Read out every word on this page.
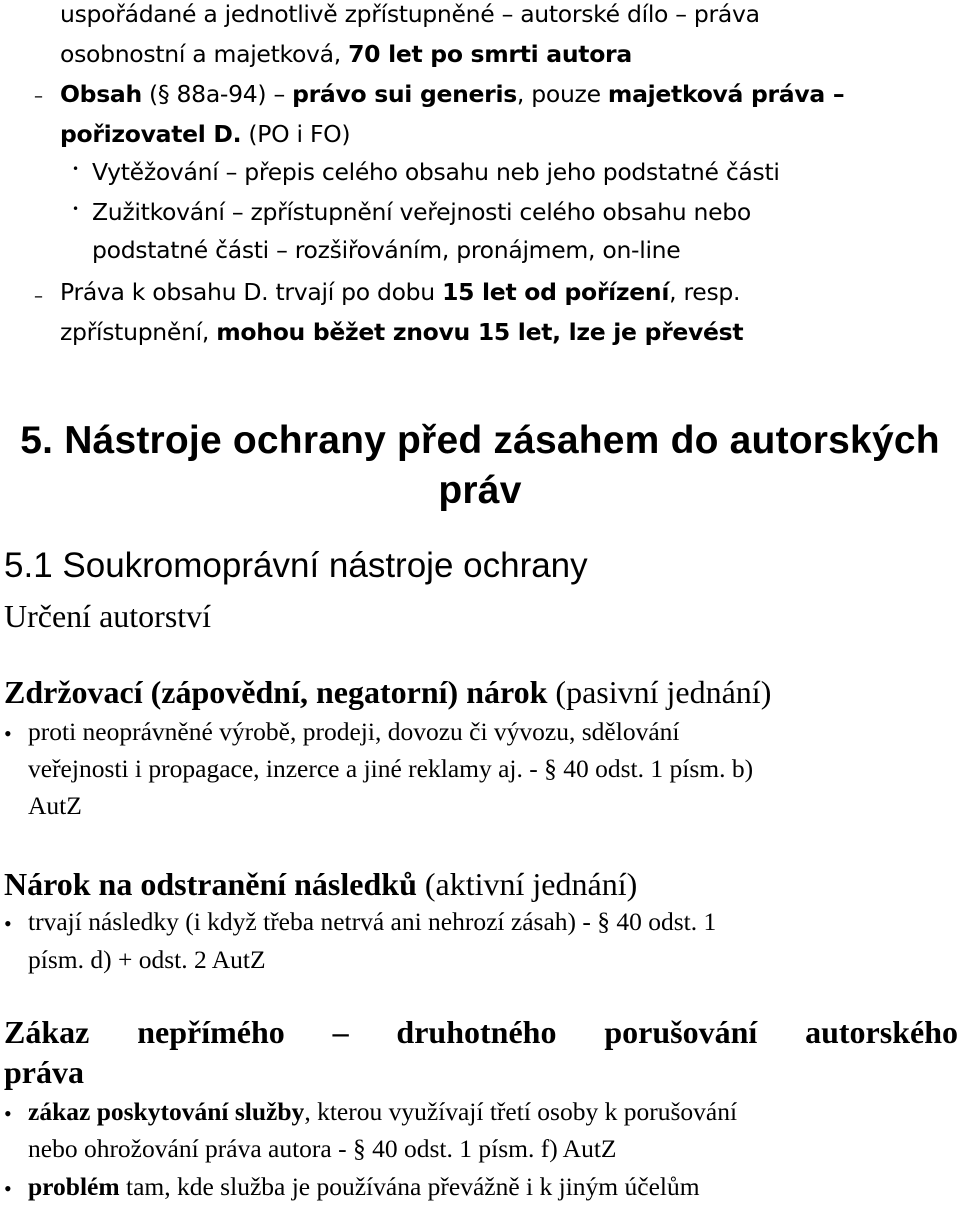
uspořádané a jednotlivě zpřístupněné – autorské dílo – práva
osobnostní a majetková, 70 let po smrti autora
– Obsah (§ 88a-94) – právo sui generis, pouze majetková práva –
pořizovatel D. (PO i FO)
• Vytěžování – přepis celého obsahu neb jeho podstatné části
• Zužitkování – zpřístupnění veřejnosti celého obsahu nebo
podstatné části – rozšiřováním, pronájmem, on-line
– Práva k obsahu D. trvají po dobu 15 let od pořízení, resp.
zpřístupnění, mohou běžet znovu 15 let, lze je převést
5. Nástroje ochrany před zásahem do autorských
práv
5.1 Soukromoprávní nástroje ochrany
Určení autorství
Zdržovací (zápovědní, negatorní) nárok (pasivní jednání)
• proti neoprávněné výrobě, prodeji, dovozu či vývozu, sdělování
veřejnosti i propagace, inzerce a jiné reklamy aj. - § 40 odst. 1 písm. b)
AutZ
Nárok na odstranění následků (aktivní jednání)
• trvají následky (i když třeba netrvá ani nehrozí zásah) - § 40 odst. 1
písm. d) + odst. 2 AutZ
Zákaz nepřímého – druhotného porušování autorského
práva
• zákaz poskytování služby, kterou využívají třetí osoby k porušování
nebo ohrožování práva autora - § 40 odst. 1 písm. f) AutZ
• problém tam, kde služba je používána převážně i k jiným účelům
